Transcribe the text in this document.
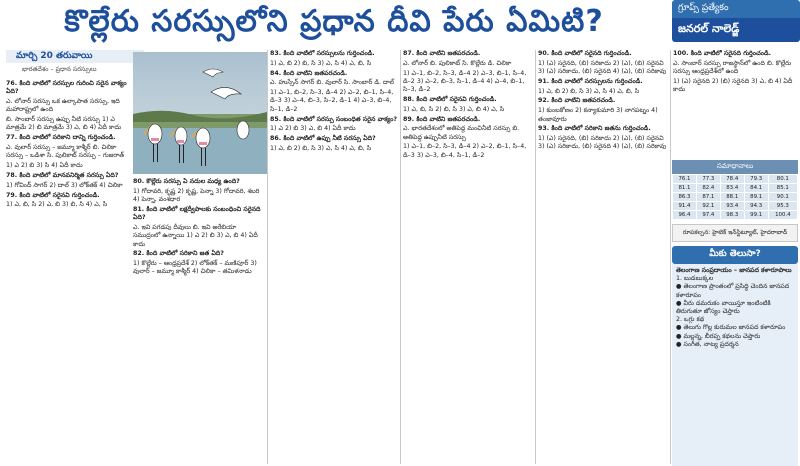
కొల్లేరు సరస్సులోని ప్రధాన దీవి పేరు ఏమిటి?	గ్రూప్స్ ప్రత్యేకం
జనరల్ నాలెడ్జ్
మార్చి 20 తరువాయి
భారతదేశం – ప్రధాన సరస్సులు

76. కింది వాటిలో సరస్సుల గురించి సరైన వాక్యం ఏది?

ఎ. లోనార్ సరస్సు ఒక ఉల్కాపాత సరస్సు, ఇది మహారాష్ట్రలో ఉంది

బి. సాంబార్ సరస్సు ఉప్పు నీటి సరస్సు 1) ఎ మాత్రమే 2) బి మాత్రమే 3) ఎ, బి 4) ఏదీ కాదు

77. కింది వాటిలో సరికాని దాన్ని గుర్తించండి.

ఎ. వులార్ సరస్సు – జమ్మూ కాశ్మీర్ బి. చిలికా సరస్సు – ఒడిశా సి. పులికాట్ సరస్సు – గుజరాత్

1) ఎ 2) బి 3) సి 4) ఏదీ కాదు

78. కింది వాటిలో మానవనిర్మిత సరస్సు ఏది?

1) గోవింద్ సాగర్ 2) దాల్ 3) లోక్‌తక్ 4) చిలికా

79. కింది వాటిలో సరైనవి గుర్తించండి.

1) ఎ, బి, సి 2) ఎ, బి 3) బి, సి 4) ఎ, సి

80. కొల్లేరు సరస్సు ఏ నదుల మధ్య ఉంది?

1) గోదావరి, కృష్ణ 2) కృష్ణ, పెన్నా 3) గోదావరి, శబరి 4) పెన్నా, వంశధార

81. కింది వాటిలో లక్షద్వీపాలకు సంబంధించి సరైనది ఏది?

ఎ. ఇవి పగడపు దీవులు బి. ఇవి అరేబియా సముద్రంలో ఉన్నాయి 1) ఎ 2) బి 3) ఎ, బి 4) ఏదీ కాదు

82. కింది వాటిలో సరికాని జత ఏది?

1) కొల్లేరు – ఆంధ్రప్రదేశ్ 2) లోక్‌తక్ – మణిపూర్ 3) వులార్ – జమ్మూ కాశ్మీర్ 4) చిలికా – తమిళనాడు

83. కింది వాటిలో సరస్సులను గుర్తించండి.

1) ఎ, బి 2) బి, సి 3) ఎ, సి 4) ఎ, బి, సి

84. కింది వాటిని జతపరచండి.

ఎ. హుస్సేన్ సాగర్ బి. వులార్ సి. సాంబార్ డి. దాల్

1) ఎ–1, బి–2, సి–3, డి–4 2) ఎ–2, బి–1, సి–4, డి–3 3) ఎ–4, బి–3, సి–2, డి–1 4) ఎ–3, బి–4, సి–1, డి–2

85. కింది వాటిలో సరస్సు సంబంధిత సరైన వాక్యం?

1) ఎ 2) బి 3) ఎ, బి 4) ఏదీ కాదు

86. కింది వాటిలో ఉప్పు నీటి సరస్సు ఏది?

1) ఎ, బి 2) బి, సి 3) ఎ, సి 4) ఎ, బి, సి

87. కింది వాటిని జతపరచండి.

ఎ. లోనార్ బి. పులికాట్ సి. కొల్లేరు డి. చిలికా

1) ఎ–1, బి–2, సి–3, డి–4 2) ఎ–3, బి–1, సి–4, డి–2 3) ఎ–2, బి–3, సి–1, డి–4 4) ఎ–4, బి–1, సి–3, డి–2

88. కింది వాటిలో సరైనవి గుర్తించండి.

1) ఎ, బి, సి 2) బి, సి 3) ఎ, బి 4) ఎ, సి

89. కింది వాటిని జతపరచండి.

ఎ. భారతదేశంలో అతిపెద్ద మంచినీటి సరస్సు బి. అతిపెద్ద ఉప్పునీటి సరస్సు

1) ఎ–1, బి–2, సి–3, డి–4 2) ఎ–2, బి–1, సి–4, డి–3 3) ఎ–3, బి–4, సి–1, డి–2

90. కింది వాటిలో సరైనది గుర్తించండి.

1) (ఎ) సరైనది, (బి) సరికాదు 2) (ఎ), (బి) సరైనవి 3) (ఎ) సరికాదు, (బి) సరైనది 4) (ఎ), (బి) సరికావు

91. కింది వాటిలో సరస్సులను గుర్తించండి.

1) ఎ, బి 2) బి, సి 3) ఎ, సి 4) ఎ, బి, సి

92. కింది వాటిని జతపరచండి.

1) కుంబకోణం 2) కన్యాకుమారి 3) నాగపట్నం 4) తంజావూరు

93. కింది వాటిలో సరికాని జతను గుర్తించండి.

1) (ఎ) సరైనది, (బి) సరికాదు 2) (ఎ), (బి) సరైనవి 3) (ఎ) సరికాదు, (బి) సరైనది 4) (ఎ), (బి) సరికావు

100. కింది వాటిలో సరైనది గుర్తించండి.

ఎ. సాంబార్ సరస్సు రాజస్థాన్‌లో ఉంది బి. కొల్లేరు సరస్సు ఆంధ్రప్రదేశ్‌లో ఉంది

1) (ఎ) సరైనది 2) (బి) సరైనది 3) ఎ, బి 4) ఏదీ కాదు

సమాధానాలు
76.1	77.3	78.4	79.3	80.1
81.1	82.4	83.4	84.1	85.1
86.3	87.1	88.1	89.1	90.1
91.4	92.1	93.4	94.3	95.3
96.4	97.4	98.3	99.1	100.4
రూపకల్పన: హైటెక్ ఇన్‌స్టిట్యూట్, హైదరాబాద్
మీకు తెలుసా?
తెలంగాణ సంప్రదాయం – జానపద కళారూపాలు
1. బుడబుక్కల
● తెలంగాణ ప్రాంతంలో ప్రసిద్ధి చెందిన జానపద కళారూపం
● వీరు డమరుకం వాయిస్తూ ఇంటింటికి తిరుగుతూ జోస్యం చెప్తారు
2. ఒగ్గు కథ
● తెలుగు గొల్ల కురుమల జానపద కళారూపం
● మల్లన్న, బీరప్ప కథలను చెప్తారు
● సంగీత, నాట్య ప్రదర్శన
